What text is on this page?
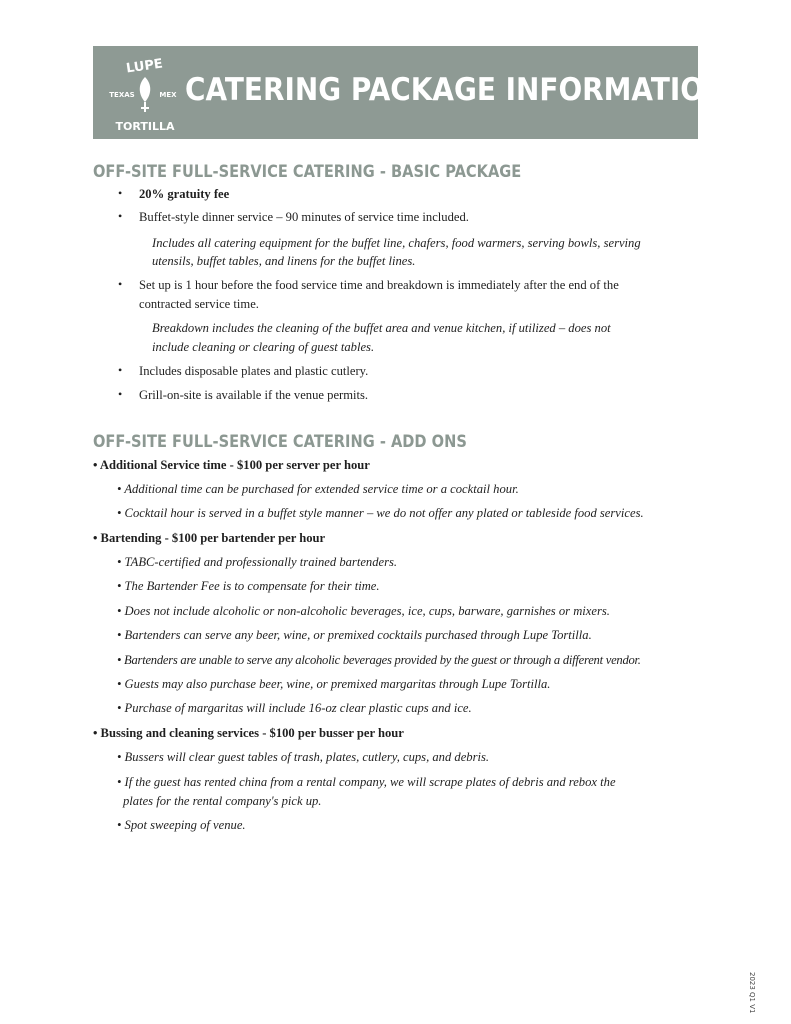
LUPE
TEXAS	MEX
TORTILLA
CATERING PACKAGE INFORMATION
OFF-SITE FULL-SERVICE CATERING - BASIC PACKAGE
• 20% gratuity fee
• Buffet-style dinner service – 90 minutes of service time included.
Includes all catering equipment for the buffet line, chafers, food warmers, serving bowls, serving
utensils, buffet tables, and linens for the buffet lines.
• Set up is 1 hour before the food service time and breakdown is immediately after the end of the
contracted service time.
Breakdown includes the cleaning of the buffet area and venue kitchen, if utilized – does not
include cleaning or clearing of guest tables.
• Includes disposable plates and plastic cutlery.
• Grill-on-site is available if the venue permits.
OFF-SITE FULL-SERVICE CATERING - ADD ONS
• Additional Service time - $100 per server per hour
• Additional time can be purchased for extended service time or a cocktail hour.
• Cocktail hour is served in a buffet style manner – we do not offer any plated or tableside food services.
• Bartending - $100 per bartender per hour
• TABC-certified and professionally trained bartenders.
• The Bartender Fee is to compensate for their time.
• Does not include alcoholic or non-alcoholic beverages, ice, cups, barware, garnishes or mixers.
• Bartenders can serve any beer, wine, or premixed cocktails purchased through Lupe Tortilla.
• Bartenders are unable to serve any alcoholic beverages provided by the guest or through a different vendor.
• Guests may also purchase beer, wine, or premixed margaritas through Lupe Tortilla.
• Purchase of margaritas will include 16-oz clear plastic cups and ice.
• Bussing and cleaning services - $100 per busser per hour
• Bussers will clear guest tables of trash, plates, cutlery, cups, and debris.
• If the guest has rented china from a rental company, we will scrape plates of debris and rebox the
plates for the rental company's pick up.
• Spot sweeping of venue.
2023 Q1 V1
